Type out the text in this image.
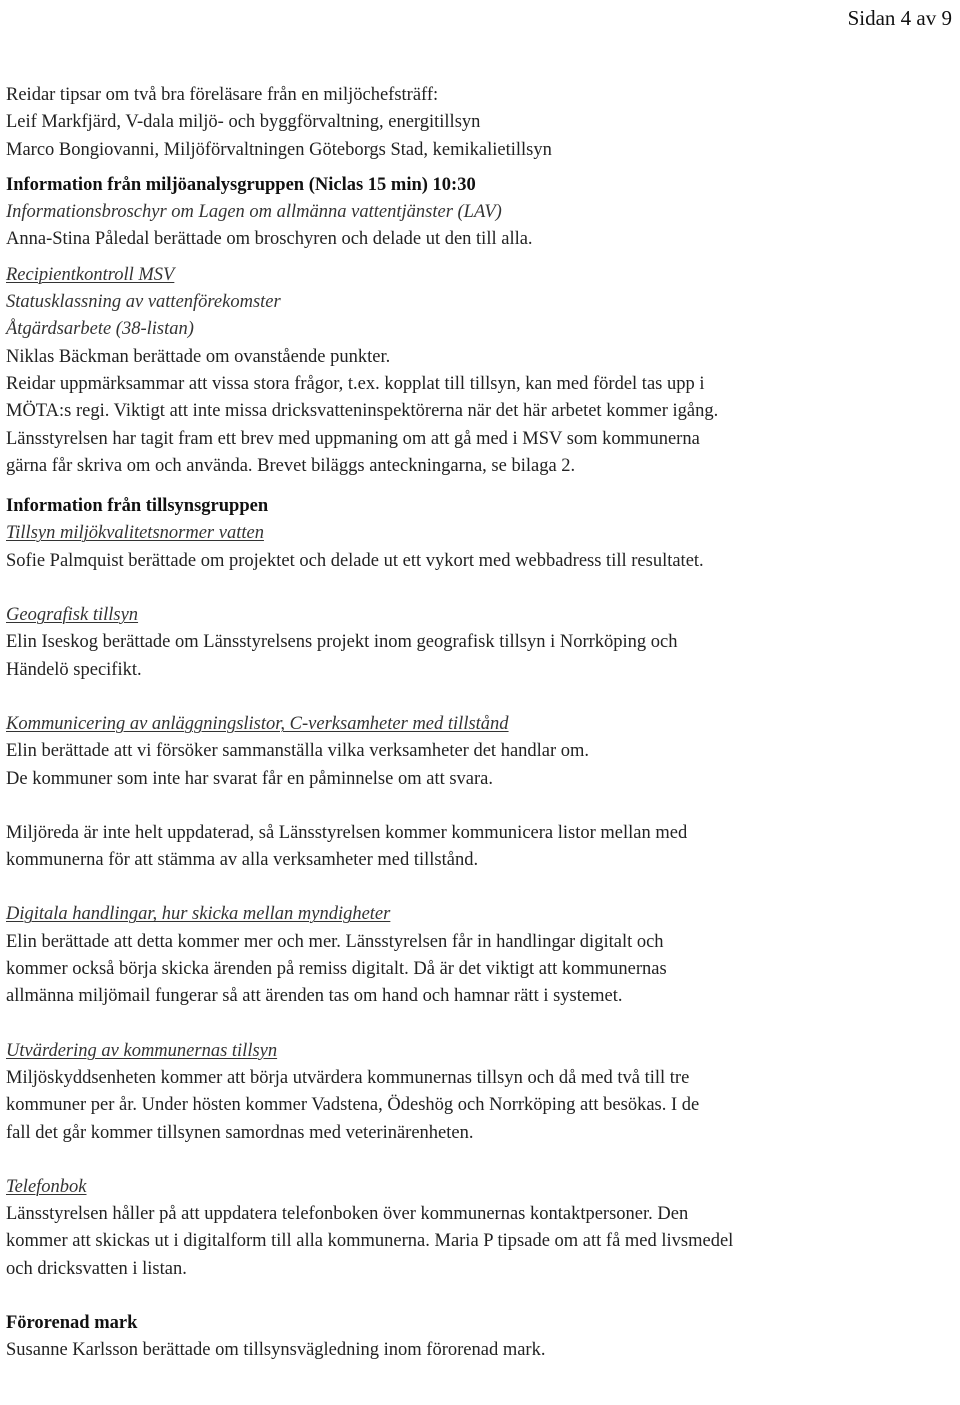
Sidan 4 av 9
Reidar tipsar om två bra föreläsare från en miljöchefsträff:
Leif Markfjärd, V-dala miljö- och byggförvaltning, energitillsyn
Marco Bongiovanni, Miljöförvaltningen Göteborgs Stad, kemikalietillsyn
Information från miljöanalysgruppen (Niclas 15 min) 10:30
Informationsbroschyr om Lagen om allmänna vattentjänster (LAV)
Anna-Stina Påledal berättade om broschyren och delade ut den till alla.
Recipientkontroll MSV
Statusklassning av vattenförekomster
Åtgärdsarbete (38-listan)
Niklas Bäckman berättade om ovanstående punkter.
Reidar uppmärksammar att vissa stora frågor, t.ex. kopplat till tillsyn, kan med fördel tas upp i
MÖTA:s regi. Viktigt att inte missa dricksvatteninspektörerna när det här arbetet kommer igång.
Länsstyrelsen har tagit fram ett brev med uppmaning om att gå med i MSV som kommunerna
gärna får skriva om och använda. Brevet biläggs anteckningarna, se bilaga 2.
Information från tillsynsgruppen
Tillsyn miljökvalitetsnormer vatten
Sofie Palmquist berättade om projektet och delade ut ett vykort med webbadress till resultatet.
Geografisk tillsyn
Elin Iseskog berättade om Länsstyrelsens projekt inom geografisk tillsyn i Norrköping och
Händelö specifikt.
Kommunicering av anläggningslistor, C-verksamheter med tillstånd
Elin berättade att vi försöker sammanställa vilka verksamheter det handlar om.
De kommuner som inte har svarat får en påminnelse om att svara.
Miljöreda är inte helt uppdaterad, så Länsstyrelsen kommer kommunicera listor mellan med
kommunerna för att stämma av alla verksamheter med tillstånd.
Digitala handlingar, hur skicka mellan myndigheter
Elin berättade att detta kommer mer och mer. Länsstyrelsen får in handlingar digitalt och
kommer också börja skicka ärenden på remiss digitalt. Då är det viktigt att kommunernas
allmänna miljömail fungerar så att ärenden tas om hand och hamnar rätt i systemet.
Utvärdering av kommunernas tillsyn
Miljöskyddsenheten kommer att börja utvärdera kommunernas tillsyn och då med två till tre
kommuner per år. Under hösten kommer Vadstena, Ödeshög och Norrköping att besökas. I de
fall det går kommer tillsynen samordnas med veterinärenheten.
Telefonbok
Länsstyrelsen håller på att uppdatera telefonboken över kommunernas kontaktpersoner. Den
kommer att skickas ut i digitalform till alla kommunerna. Maria P tipsade om att få med livsmedel
och dricksvatten i listan.
Förorenad mark
Susanne Karlsson berättade om tillsynsvägledning inom förorenad mark.
